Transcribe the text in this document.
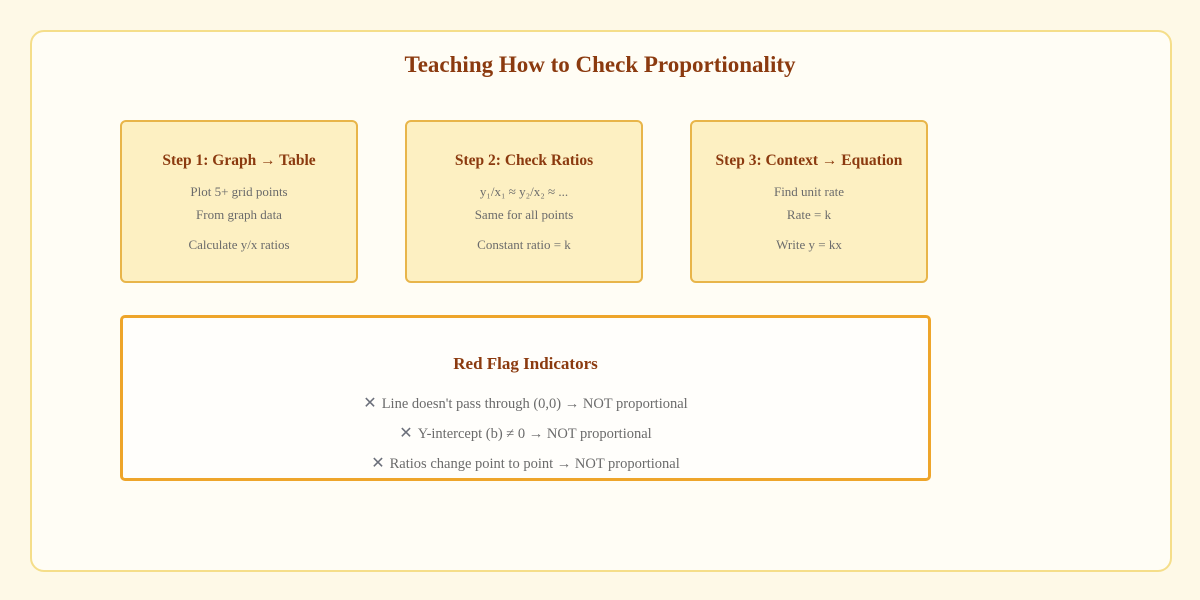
Teaching How to Check Proportionality
Step 1: Graph → Table
Plot 5+ grid points
From graph data
Calculate y/x ratios
Step 2: Check Ratios
y₁/x₁ ≈ y₂/x₂ ≈ ...
Same for all points
Constant ratio = k
Step 3: Context → Equation
Find unit rate
Rate = k
Write y = kx
Red Flag Indicators
✕ Line doesn't pass through (0,0) → NOT proportional
✕ Y-intercept (b) ≠ 0 → NOT proportional
✕ Ratios change point to point → NOT proportional
